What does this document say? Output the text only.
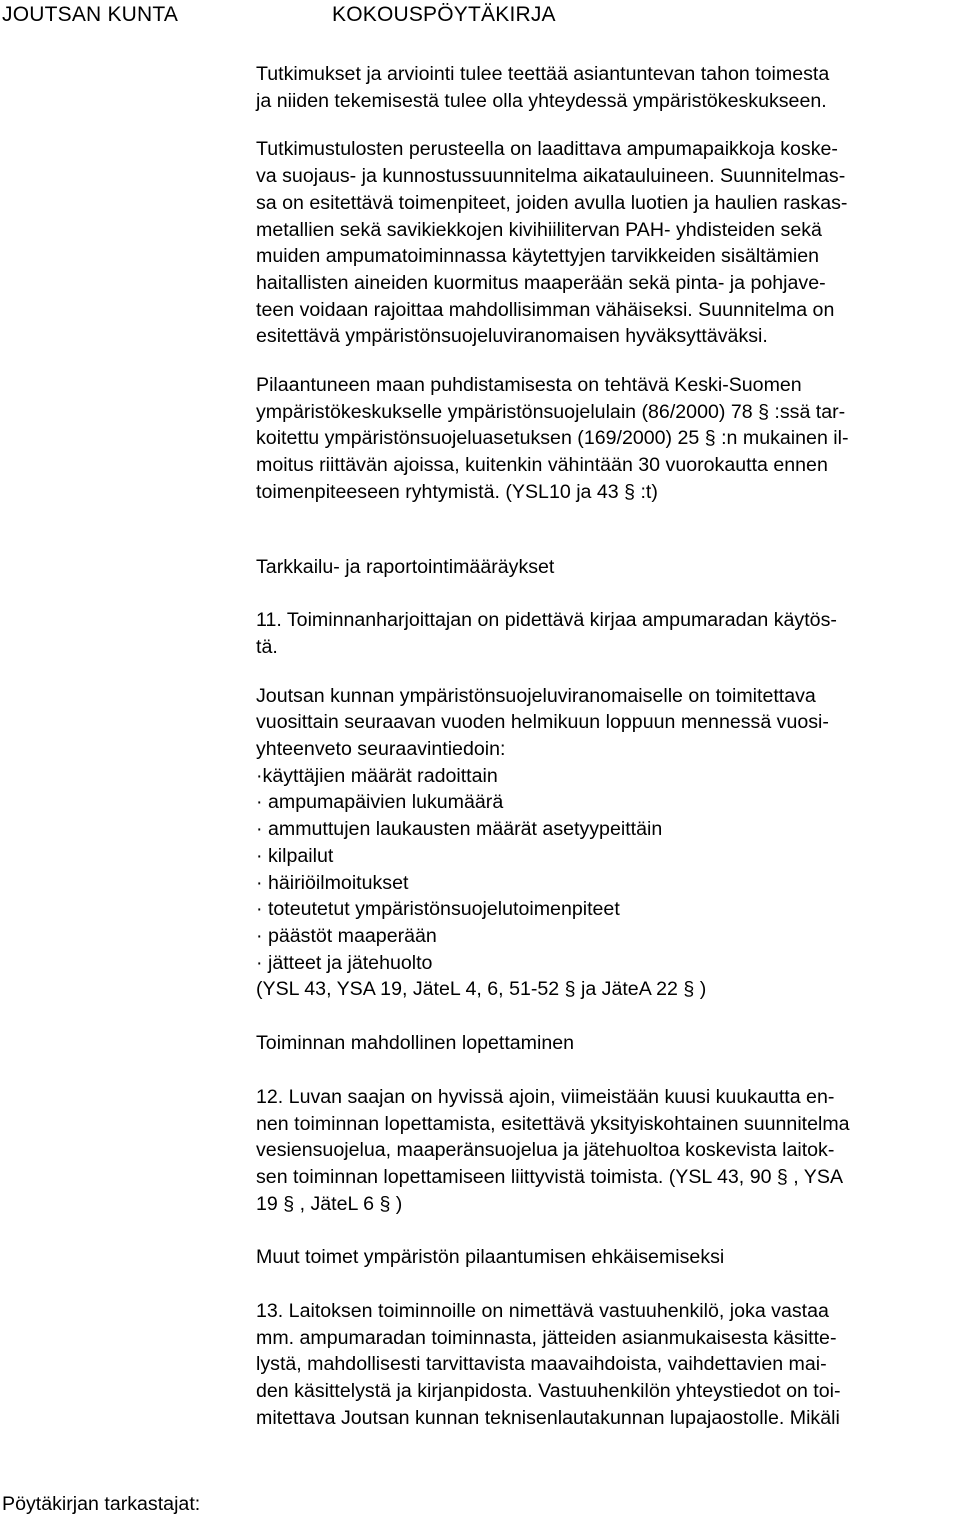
JOUTSAN KUNTA	KOKOUSPÖYTÄKIRJA
Tutkimukset ja arviointi tulee teettää asiantuntevan tahon toimesta
ja niiden tekemisestä tulee olla yhteydessä ympäristökeskukseen.
Tutkimustulosten perusteella on laadittava ampumapaikkoja koske-
va suojaus- ja kunnostussuunnitelma aikatauluineen. Suunnitelmas-
sa on esitettävä toimenpiteet, joiden avulla luotien ja haulien raskas-
metallien sekä savikiekkojen kivihiilitervan PAH- yhdisteiden sekä
muiden ampumatoiminnassa käytettyjen tarvikkeiden sisältämien
haitallisten aineiden kuormitus maaperään sekä pinta- ja pohjave-
teen voidaan rajoittaa mahdollisimman vähäiseksi. Suunnitelma on
esitettävä ympäristönsuojeluviranomaisen hyväksyttäväksi.
Pilaantuneen maan puhdistamisesta on tehtävä Keski-Suomen
ympäristökeskukselle ympäristönsuojelulain (86/2000) 78 § :ssä tar-
koitettu ympäristönsuojeluasetuksen (169/2000) 25 § :n mukainen il-
moitus riittävän ajoissa, kuitenkin vähintään 30 vuorokautta ennen
toimenpiteeseen ryhtymistä. (YSL10 ja 43 § :t)
Tarkkailu- ja raportointimääräykset
11. Toiminnanharjoittajan on pidettävä kirjaa ampumaradan käytös-
tä.
Joutsan kunnan ympäristönsuojeluviranomaiselle on toimitettava
vuosittain seuraavan vuoden helmikuun loppuun mennessä vuosi-
yhteenveto seuraavintiedoin:
·käyttäjien määrät radoittain
· ampumapäivien lukumäärä
· ammuttujen laukausten määrät asetyypeittäin
· kilpailut
· häiriöilmoitukset
· toteutetut ympäristönsuojelutoimenpiteet
· päästöt maaperään
· jätteet ja jätehuolto
(YSL 43, YSA 19, JäteL 4, 6, 51-52 § ja JäteA 22 § )
Toiminnan mahdollinen lopettaminen
12. Luvan saajan on hyvissä ajoin, viimeistään kuusi kuukautta en-
nen toiminnan lopettamista, esitettävä yksityiskohtainen suunnitelma
vesiensuojelua, maaperänsuojelua ja jätehuoltoa koskevista laitok-
sen toiminnan lopettamiseen liittyvistä toimista. (YSL 43, 90 § , YSA
19 § , JäteL 6 § )
Muut toimet ympäristön pilaantumisen ehkäisemiseksi
13. Laitoksen toiminnoille on nimettävä vastuuhenkilö, joka vastaa
mm. ampumaradan toiminnasta, jätteiden asianmukaisesta käsitte-
lystä, mahdollisesti tarvittavista maavaihdoista, vaihdettavien mai-
den käsittelystä ja kirjanpidosta. Vastuuhenkilön yhteystiedot on toi-
mitettava Joutsan kunnan teknisenlautakunnan lupajaostolle. Mikäli
Pöytäkirjan tarkastajat:
